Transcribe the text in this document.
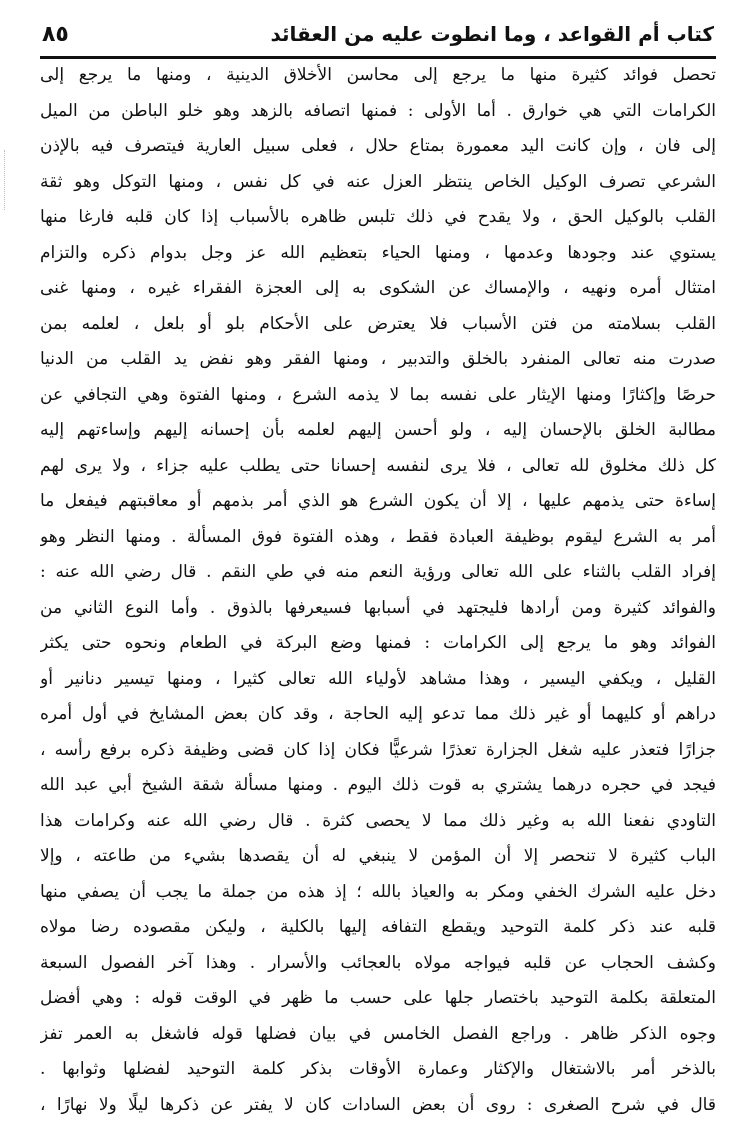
كتاب أم القواعد ، وما انطوت عليه من العقائد
٨٥
تحصل فوائد كثيرة منها ما يرجع إلى محاسن الأخلاق الدينية ، ومنها ما يرجع إلى
الكرامات التي هي خوارق . أما الأولى : فمنها اتصافه بالزهد وهو خلو الباطن من الميل
إلى فان ، وإن كانت اليد معمورة بمتاع حلال ، فعلى سبيل العارية فيتصرف فيه بالإذن
الشرعي تصرف الوكيل الخاص ينتظر العزل عنه في كل نفس ، ومنها التوكل وهو ثقة
القلب بالوكيل الحق ، ولا يقدح في ذلك تلبس ظاهره بالأسباب إذا كان قلبه فارغا منها
يستوي عند وجودها وعدمها ، ومنها الحياء بتعظيم الله عز وجل بدوام ذكره والتزام
امتثال أمره ونهيه ، والإمساك عن الشكوى به إلى العجزة الفقراء غيره ، ومنها غنى
القلب بسلامته من فتن الأسباب فلا يعترض على الأحكام بلو أو بلعل ، لعلمه بمن
صدرت منه تعالى المنفرد بالخلق والتدبير ، ومنها الفقر وهو نفض يد القلب من الدنيا
حرصًا وإكثارًا ومنها الإيثار على نفسه بما لا يذمه الشرع ، ومنها الفتوة وهي التجافي عن
مطالبة الخلق بالإحسان إليه ، ولو أحسن إليهم لعلمه بأن إحسانه إليهم وإساءتهم إليه
كل ذلك مخلوق لله تعالى ، فلا يرى لنفسه إحسانا حتى يطلب عليه جزاء ، ولا يرى لهم
إساءة حتى يذمهم عليها ، إلا أن يكون الشرع هو الذي أمر بذمهم أو معاقبتهم فيفعل ما
أمر به الشرع ليقوم بوظيفة العبادة فقط ، وهذه الفتوة فوق المسألة . ومنها النظر وهو
إفراد القلب بالثناء على الله تعالى ورؤية النعم منه في طي النقم . قال رضي الله عنه :
والفوائد كثيرة ومن أرادها فليجتهد في أسبابها فسيعرفها بالذوق . وأما النوع الثاني من
الفوائد وهو ما يرجع إلى الكرامات : فمنها وضع البركة في الطعام ونحوه حتى يكثر
القليل ، ويكفي اليسير ، وهذا مشاهد لأولياء الله تعالى كثيرا ، ومنها تيسير دنانير أو
دراهم أو كليهما أو غير ذلك مما تدعو إليه الحاجة ، وقد كان بعض المشايخ في أول أمره
جزارًا فتعذر عليه شغل الجزارة تعذرًا شرعيًّا فكان إذا كان قضى وظيفة ذكره برفع رأسه ،
فيجد في حجره درهما يشتري به قوت ذلك اليوم . ومنها مسألة شقة الشيخ أبي عبد الله
التاودي نفعنا الله به وغير ذلك مما لا يحصى كثرة . قال رضي الله عنه وكرامات هذا
الباب كثيرة لا تنحصر إلا أن المؤمن لا ينبغي له أن يقصدها بشيء من طاعته ، وإلا
دخل عليه الشرك الخفي ومكر به والعياذ بالله ؛ إذ هذه من جملة ما يجب أن يصفي منها
قلبه عند ذكر كلمة التوحيد ويقطع التفافه إليها بالكلية ، وليكن مقصوده رضا مولاه
وكشف الحجاب عن قلبه فيواجه مولاه بالعجائب والأسرار . وهذا آخر الفصول السبعة
المتعلقة بكلمة التوحيد باختصار جلها على حسب ما ظهر في الوقت قوله : وهي أفضل
وجوه الذكر ظاهر . وراجع الفصل الخامس في بيان فضلها قوله فاشغل به العمر تفز
بالذخر أمر بالاشتغال والإكثار وعمارة الأوقات بذكر كلمة التوحيد لفضلها وثوابها .
قال في شرح الصغرى : روى أن بعض السادات كان لا يفتر عن ذكرها ليلًا ولا نهارًا ،
